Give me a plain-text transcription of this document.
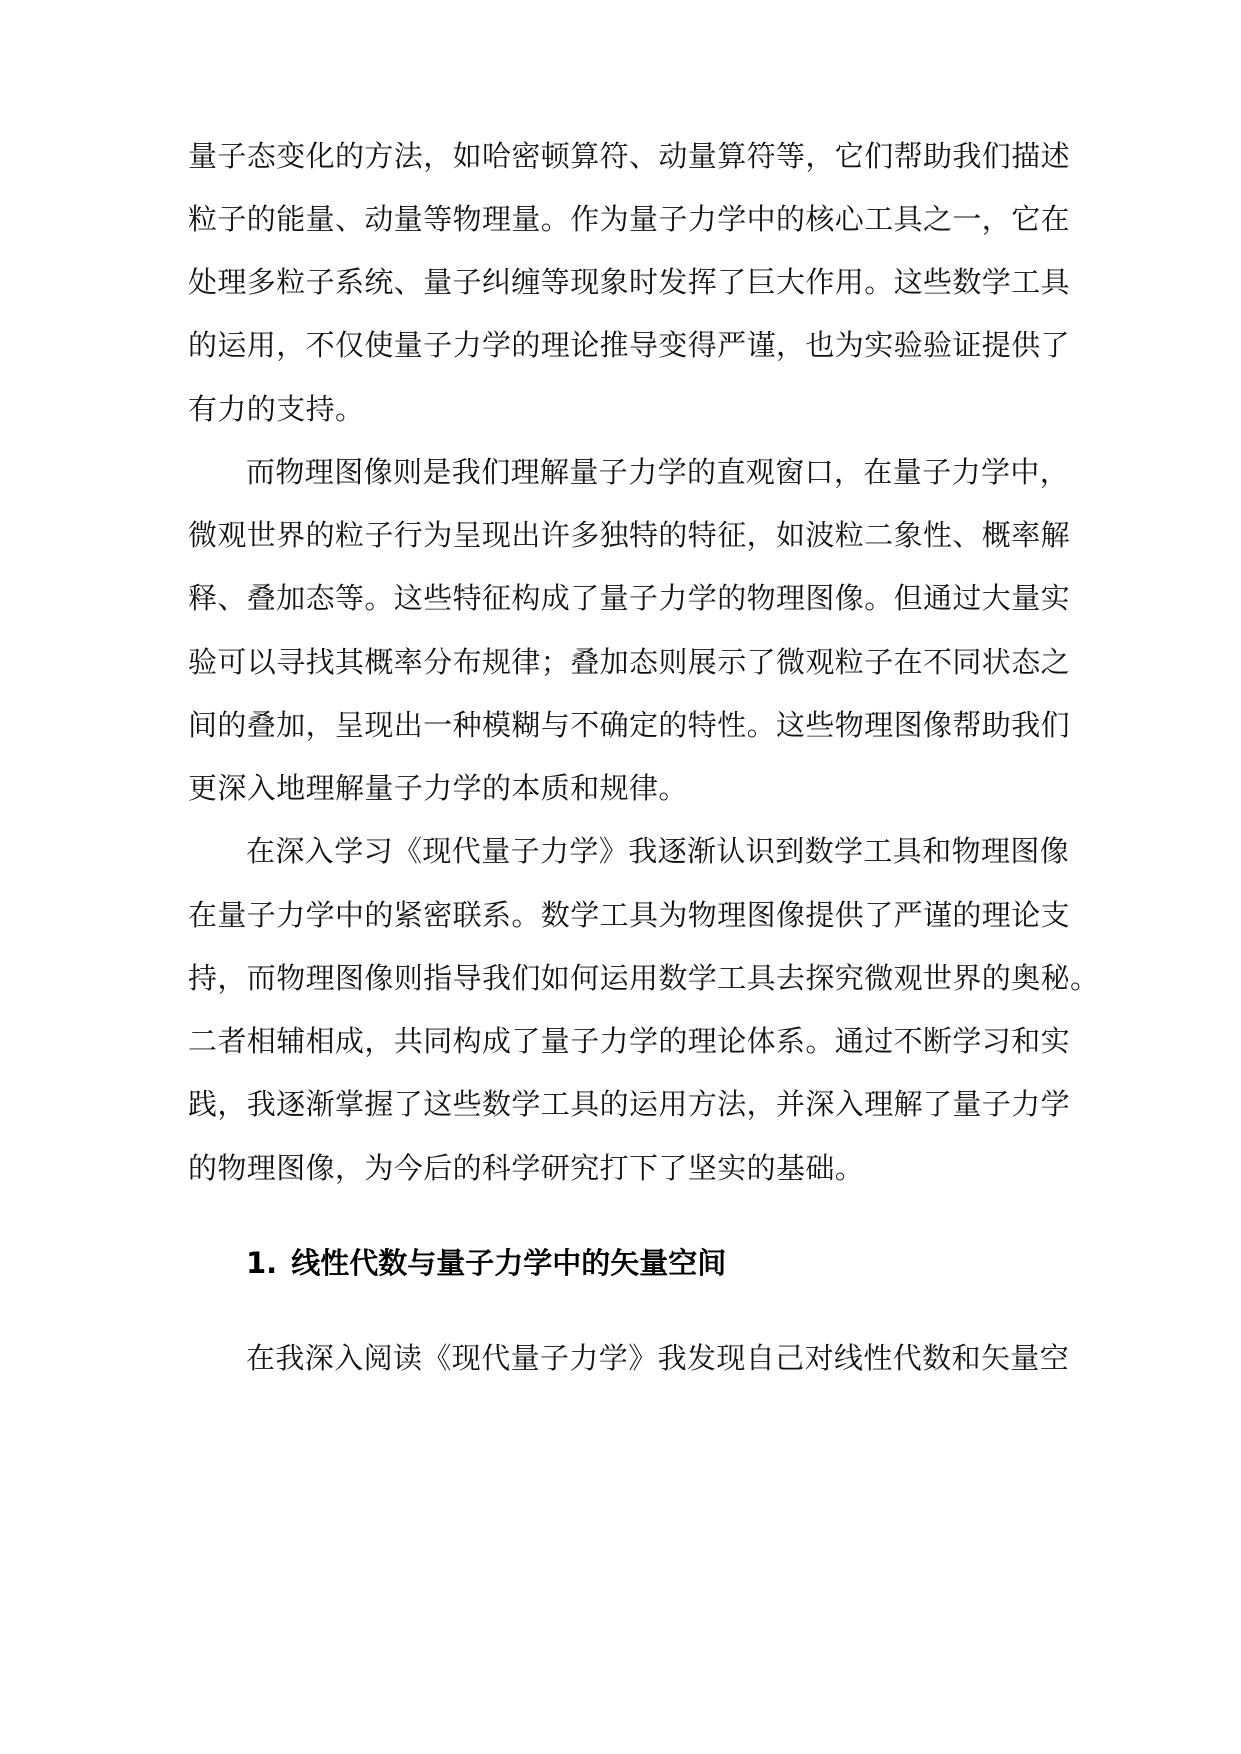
量子态变化的方法，如哈密顿算符、动量算符等，它们帮助我们描述
粒子的能量、动量等物理量。作为量子力学中的核心工具之一，它在
处理多粒子系统、量子纠缠等现象时发挥了巨大作用。这些数学工具
的运用，不仅使量子力学的理论推导变得严谨，也为实验验证提供了
有力的支持。
而物理图像则是我们理解量子力学的直观窗口，在量子力学中，
微观世界的粒子行为呈现出许多独特的特征，如波粒二象性、概率解
释、叠加态等。这些特征构成了量子力学的物理图像。但通过大量实
验可以寻找其概率分布规律；叠加态则展示了微观粒子在不同状态之
间的叠加，呈现出一种模糊与不确定的特性。这些物理图像帮助我们
更深入地理解量子力学的本质和规律。
在深入学习《现代量子力学》我逐渐认识到数学工具和物理图像
在量子力学中的紧密联系。数学工具为物理图像提供了严谨的理论支
持，而物理图像则指导我们如何运用数学工具去探究微观世界的奥秘。
二者相辅相成，共同构成了量子力学的理论体系。通过不断学习和实
践，我逐渐掌握了这些数学工具的运用方法，并深入理解了量子力学
的物理图像，为今后的科学研究打下了坚实的基础。
1. 线性代数与量子力学中的矢量空间
在我深入阅读《现代量子力学》我发现自己对线性代数和矢量空
